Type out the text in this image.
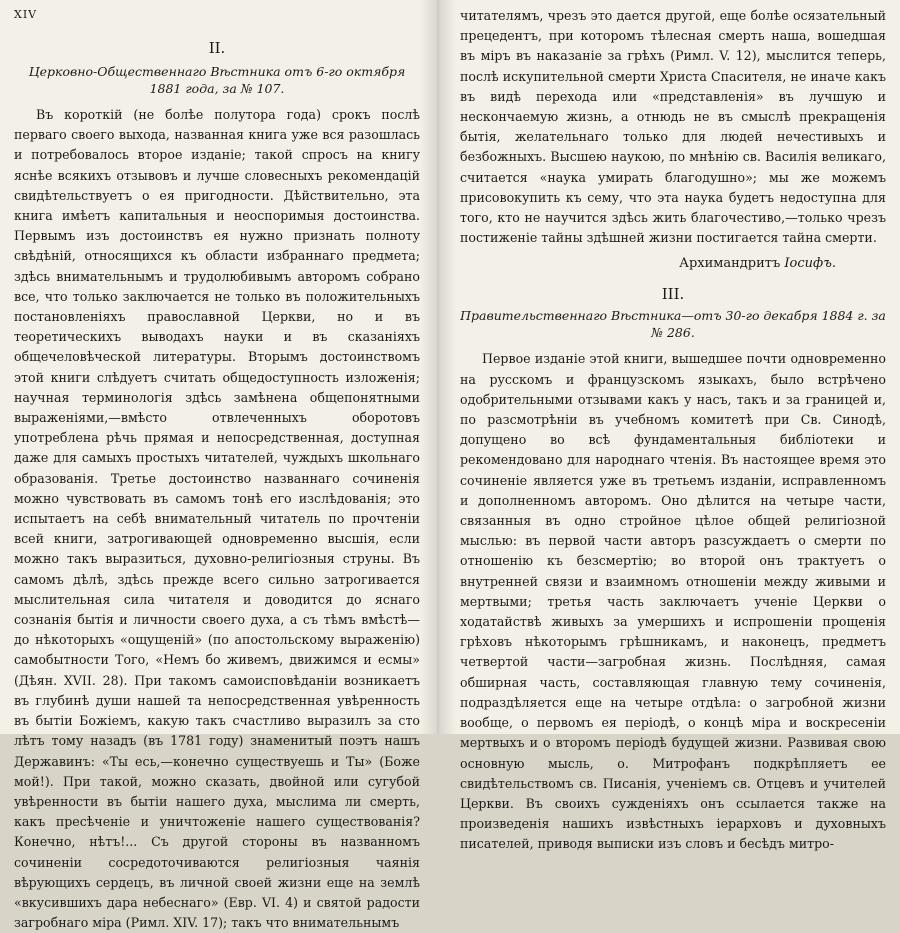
XIV
II.
Церковно-Общественнаго Вѣстника отъ 6-го октября 1881 года, за № 107.

Въ короткій (не болѣе полутора года) срокъ послѣ перваго своего выхода, названная книга уже вся разошлась и потребовалось второе изданіе; такой спросъ на книгу яснѣе всякихъ отзывовъ и лучше словесныхъ рекомендацій свидѣтельствуетъ о ея пригодности. Дѣйствительно, эта книга имѣетъ капитальныя и неоспоримыя достоинства. Первымъ изъ достоинствъ ея нужно признать полноту свѣдѣній, относящихся къ области избраннаго предмета; здѣсь внимательнымъ и трудолюбивымъ авторомъ собрано все, что только заключается не только въ положительныхъ постановленіяхъ православной Церкви, но и въ теоретическихъ выводахъ науки и въ сказаніяхъ общечеловѣческой литературы. Вторымъ достоинствомъ этой книги слѣдуетъ считать общедоступность изложенія; научная терминологія здѣсь замѣнена общепонятными выраженіями,—вмѣсто отвлеченныхъ оборотовъ употреблена рѣчь прямая и непосредственная, доступная даже для самыхъ простыхъ читателей, чуждыхъ школьнаго образованія. Третье достоинство названнаго сочиненія можно чувствовать въ самомъ тонѣ его изслѣдованія; это испытаетъ на себѣ внимательный читатель по прочтеніи всей книги, затрогивающей одновременно высшія, если можно такъ выразиться, духовно-религіозныя струны. Въ самомъ дѣлѣ, здѣсь прежде всего сильно затрогивается мыслительная сила читателя и доводится до яснаго сознанія бытія и личности своего духа, а съ тѣмъ вмѣстѣ—до нѣкоторыхъ «ощущеній» (по апостольскому выраженію) самобытности Того, «Немъ бо живемъ, движимся и есмы» (Дѣян. XVII. 28). При такомъ самоисповѣданіи возникаетъ въ глубинѣ души нашей та непосредственная увѣренность въ бытіи Божіемъ, какую такъ счастливо выразилъ за сто лѣтъ тому назадъ (въ 1781 году) знаменитый поэтъ нашъ Державинъ: «Ты есь,—конечно существуешь и Ты» (Боже мой!). При такой, можно сказать, двойной или сугубой увѣренности въ бытіи нашего духа, мыслима ли смерть, какъ пресѣченіе и уничтоженіе нашего существованія? Конечно, нѣтъ!... Съ другой стороны въ названномъ сочиненіи сосредоточиваются религіозныя чаянія вѣрующихъ сердецъ, въ личной своей жизни еще на землѣ «вкусившихъ дара небеснаго» (Евр. VI. 4) и святой радости загробнаго міра (Римл. XIV. 17); такъ что внимательнымъ

читателямъ, чрезъ это дается другой, еще болѣе осязательный прецедентъ, при которомъ тѣлесная смерть наша, вошедшая въ міръ въ наказаніе за грѣхъ (Римл. V. 12), мыслится теперь, послѣ искупительной смерти Христа Спасителя, не иначе какъ въ видѣ перехода или «представленія» въ лучшую и нескончаемую жизнь, а отнюдь не въ смыслѣ прекращенія бытія, желательнаго только для людей нечестивыхъ и безбожныхъ. Высшею наукою, по мнѣнію св. Василія великаго, считается «наука умирать благодушно»; мы же можемъ присовокупить къ сему, что эта наука будетъ недоступна для того, кто не научится здѣсь жить благочестиво,—только чрезъ постиженіе тайны здѣшней жизни постигается тайна смерти.

Архимандритъ Іосифъ.
III.
Правительственнаго Вѣстника—отъ 30-го декабря 1884 г. за № 286.

Первое изданіе этой книги, вышедшее почти одновременно на русскомъ и французскомъ языкахъ, было встрѣчено одобрительными отзывами какъ у насъ, такъ и за границей и, по разсмотрѣніи въ учебномъ комитетѣ при Св. Синодѣ, допущено во всѣ фундаментальныя библіотеки и рекомендовано для народнаго чтенія. Въ настоящее время это сочиненіе является уже въ третьемъ изданіи, исправленномъ и дополненномъ авторомъ. Оно дѣлится на четыре части, связанныя въ одно стройное цѣлое общей религіозной мыслью: въ первой части авторъ разсуждаетъ о смерти по отношенію къ безсмертію; во второй онъ трактуетъ о внутренней связи и взаимномъ отношеніи между живыми и мертвыми; третья часть заключаетъ ученіе Церкви о ходатайствѣ живыхъ за умершихъ и испрошеніи прощенія грѣховъ нѣкоторымъ грѣшникамъ, и наконецъ, предметъ четвертой части—загробная жизнь. Послѣдняя, самая обширная часть, составляющая главную тему сочиненія, подраздѣляется еще на четыре отдѣла: о загробной жизни вообще, о первомъ ея періодѣ, о концѣ міра и воскресеніи мертвыхъ и о второмъ періодѣ будущей жизни. Развивая свою основную мысль, о. Митрофанъ подкрѣпляетъ ее свидѣтельствомъ св. Писанія, ученіемъ св. Отцевъ и учителей Церкви. Въ своихъ сужденіяхъ онъ ссылается также на произведенія нашихъ извѣстныхъ іерарховъ и духовныхъ писателей, приводя выписки изъ словъ и бесѣдъ митро-
